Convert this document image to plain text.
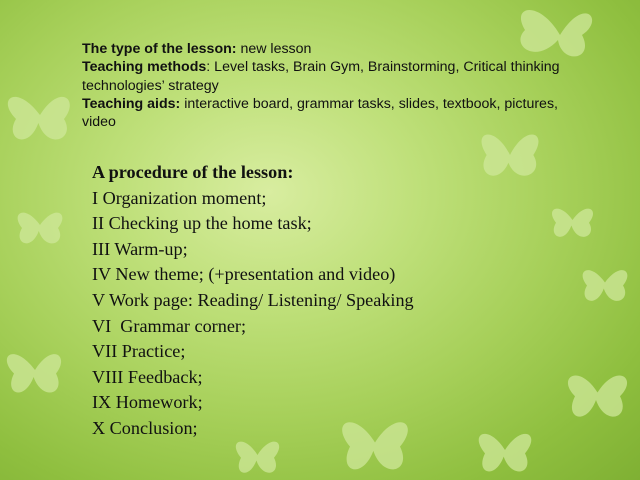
The type of the lesson: new lesson
Teaching methods: Level tasks, Brain Gym, Brainstorming, Critical thinking technologies’ strategy
Teaching aids: interactive board, grammar tasks, slides, textbook, pictures, video
A procedure of the lesson:
I Organization moment;
II Checking up the home task;
III Warm-up;
IV New theme; (+presentation and video)
V Work page: Reading/ Listening/ Speaking
VI  Grammar corner;
VII Practice;
VIII Feedback;
IX Homework;
X Conclusion;
